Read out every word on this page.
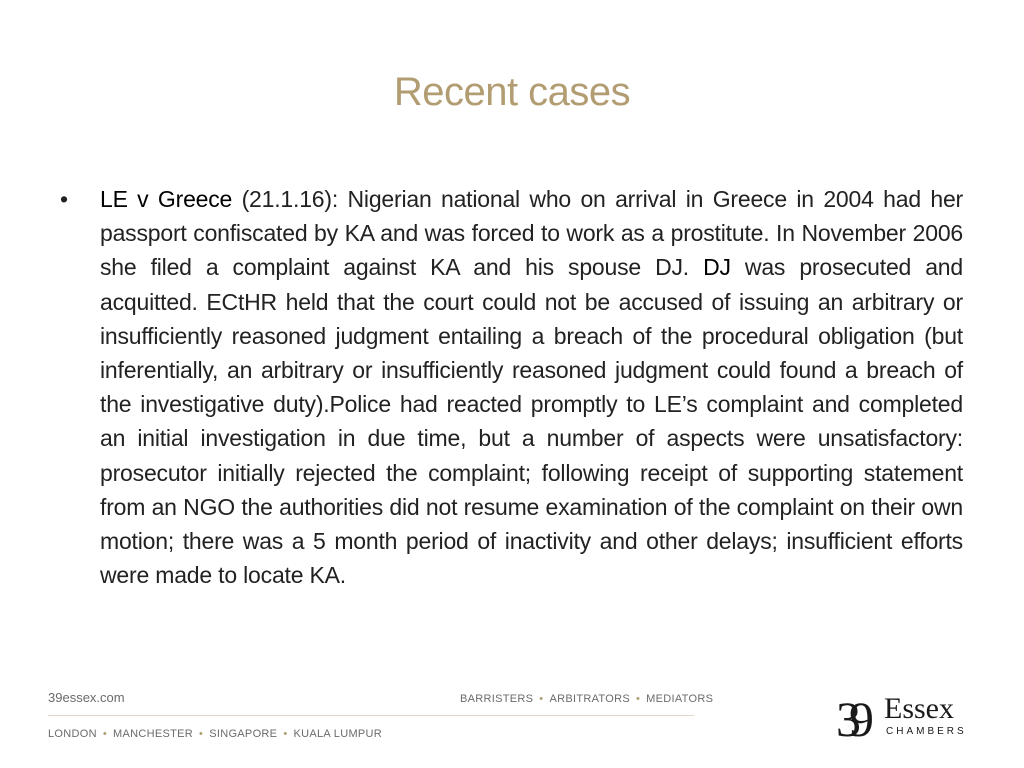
Recent cases
•	LE v Greece (21.1.16): Nigerian national who on arrival in Greece in 2004 had her passport confiscated by KA and was forced to work as a prostitute. In November 2006 she filed a complaint against KA and his spouse DJ. DJ was prosecuted and acquitted. ECtHR held that the court could not be accused of issuing an arbitrary or insufficiently reasoned judgment entailing a breach of the procedural obligation (but inferentially, an arbitrary or insufficiently reasoned judgment could found a breach of the investigative duty).Police had reacted promptly to LE’s complaint and completed an initial investigation in due time, but a number of aspects were unsatisfactory: prosecutor initially rejected the complaint; following receipt of supporting statement from an NGO the authorities did not resume examination of the complaint on their own motion; there was a 5 month period of inactivity and other delays; insufficient efforts were made to locate KA.
39essex.com	BARRISTERS • ARBITRATORS • MEDIATORS
LONDON • MANCHESTER • SINGAPORE • KUALA LUMPUR	39 Essex
CHAMBERS
